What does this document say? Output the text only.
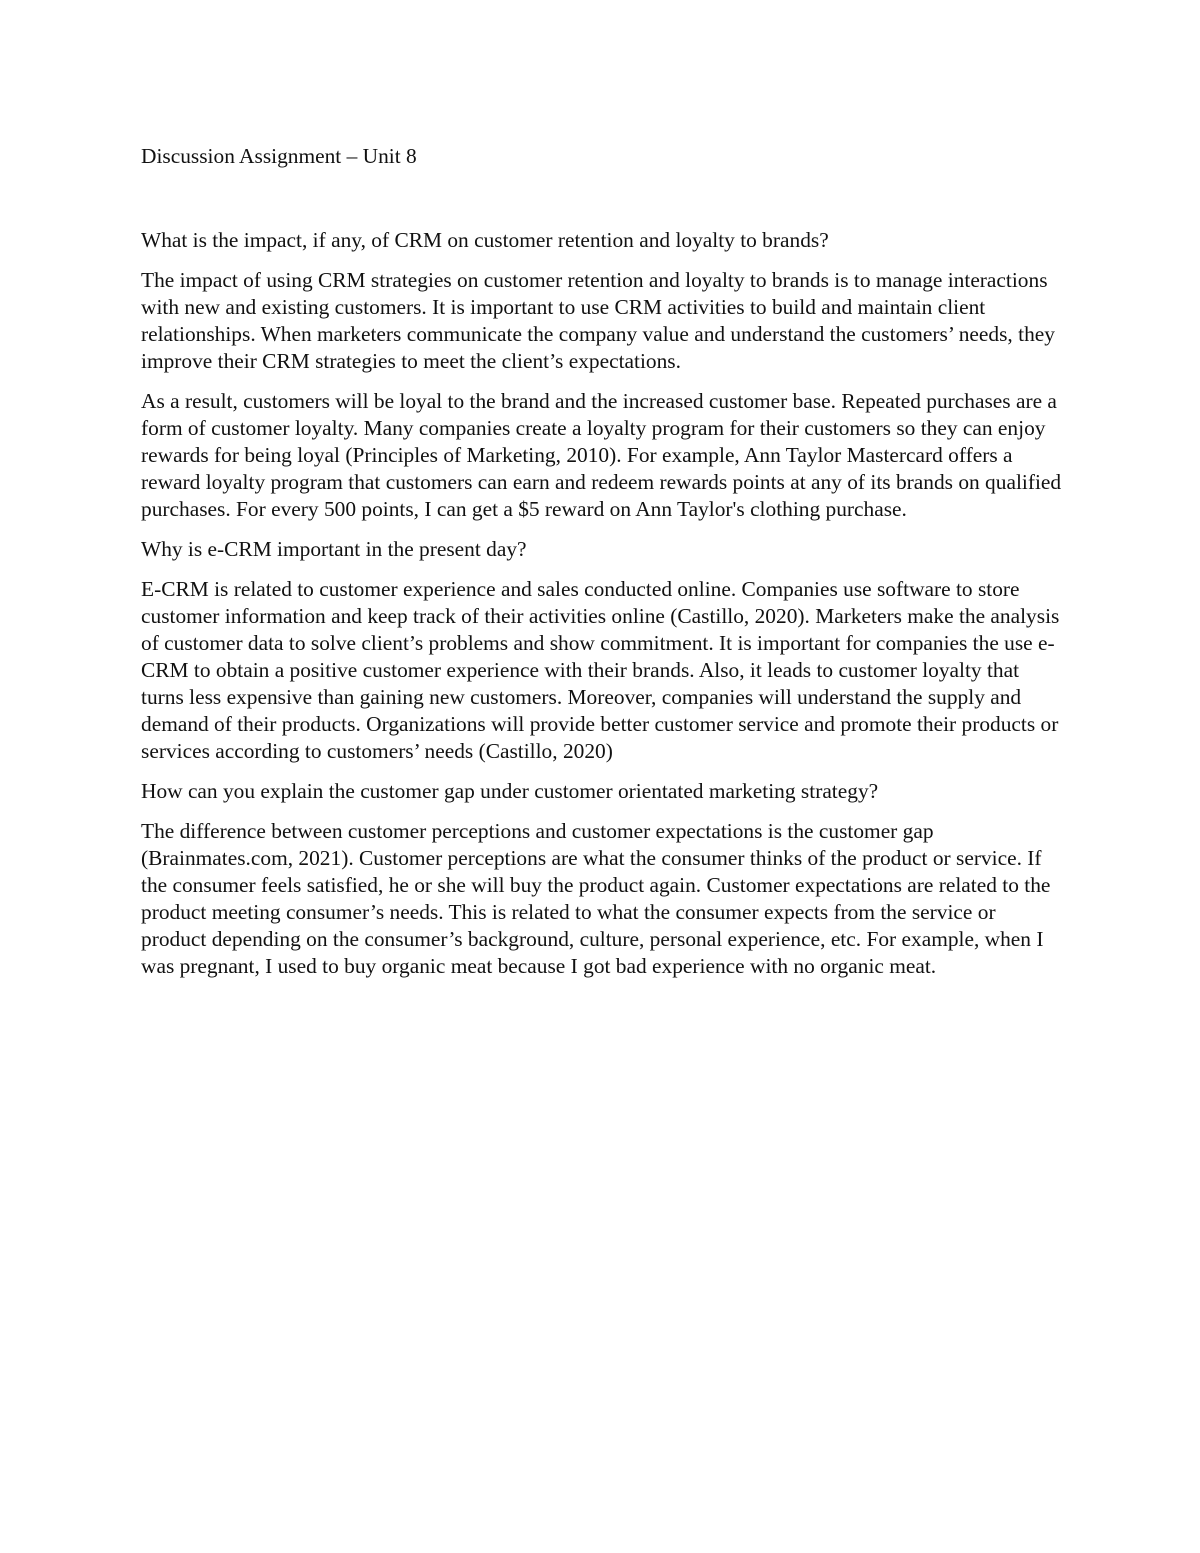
Discussion Assignment – Unit 8

What is the impact, if any, of CRM on customer retention and loyalty to brands?

The impact of using CRM strategies on customer retention and loyalty to brands is to manage interactions with new and existing customers. It is important to use CRM activities to build and maintain client relationships. When marketers communicate the company value and understand the customers’ needs, they improve their CRM strategies to meet the client’s expectations.

As a result, customers will be loyal to the brand and the increased customer base. Repeated purchases are a form of customer loyalty. Many companies create a loyalty program for their customers so they can enjoy rewards for being loyal (Principles of Marketing, 2010). For example, Ann Taylor Mastercard offers a reward loyalty program that customers can earn and redeem rewards points at any of its brands on qualified purchases. For every 500 points, I can get a $5 reward on Ann Taylor's clothing purchase.

Why is e-CRM important in the present day?

E-CRM is related to customer experience and sales conducted online. Companies use software to store customer information and keep track of their activities online (Castillo, 2020). Marketers make the analysis of customer data to solve client’s problems and show commitment. It is important for companies the use e-CRM to obtain a positive customer experience with their brands. Also, it leads to customer loyalty that turns less expensive than gaining new customers. Moreover, companies will understand the supply and demand of their products. Organizations will provide better customer service and promote their products or services according to customers’ needs (Castillo, 2020)

How can you explain the customer gap under customer orientated marketing strategy?

The difference between customer perceptions and customer expectations is the customer gap (Brainmates.com, 2021). Customer perceptions are what the consumer thinks of the product or service. If the consumer feels satisfied, he or she will buy the product again. Customer expectations are related to the product meeting consumer’s needs. This is related to what the consumer expects from the service or product depending on the consumer’s background, culture, personal experience, etc. For example, when I was pregnant, I used to buy organic meat because I got bad experience with no organic meat.
